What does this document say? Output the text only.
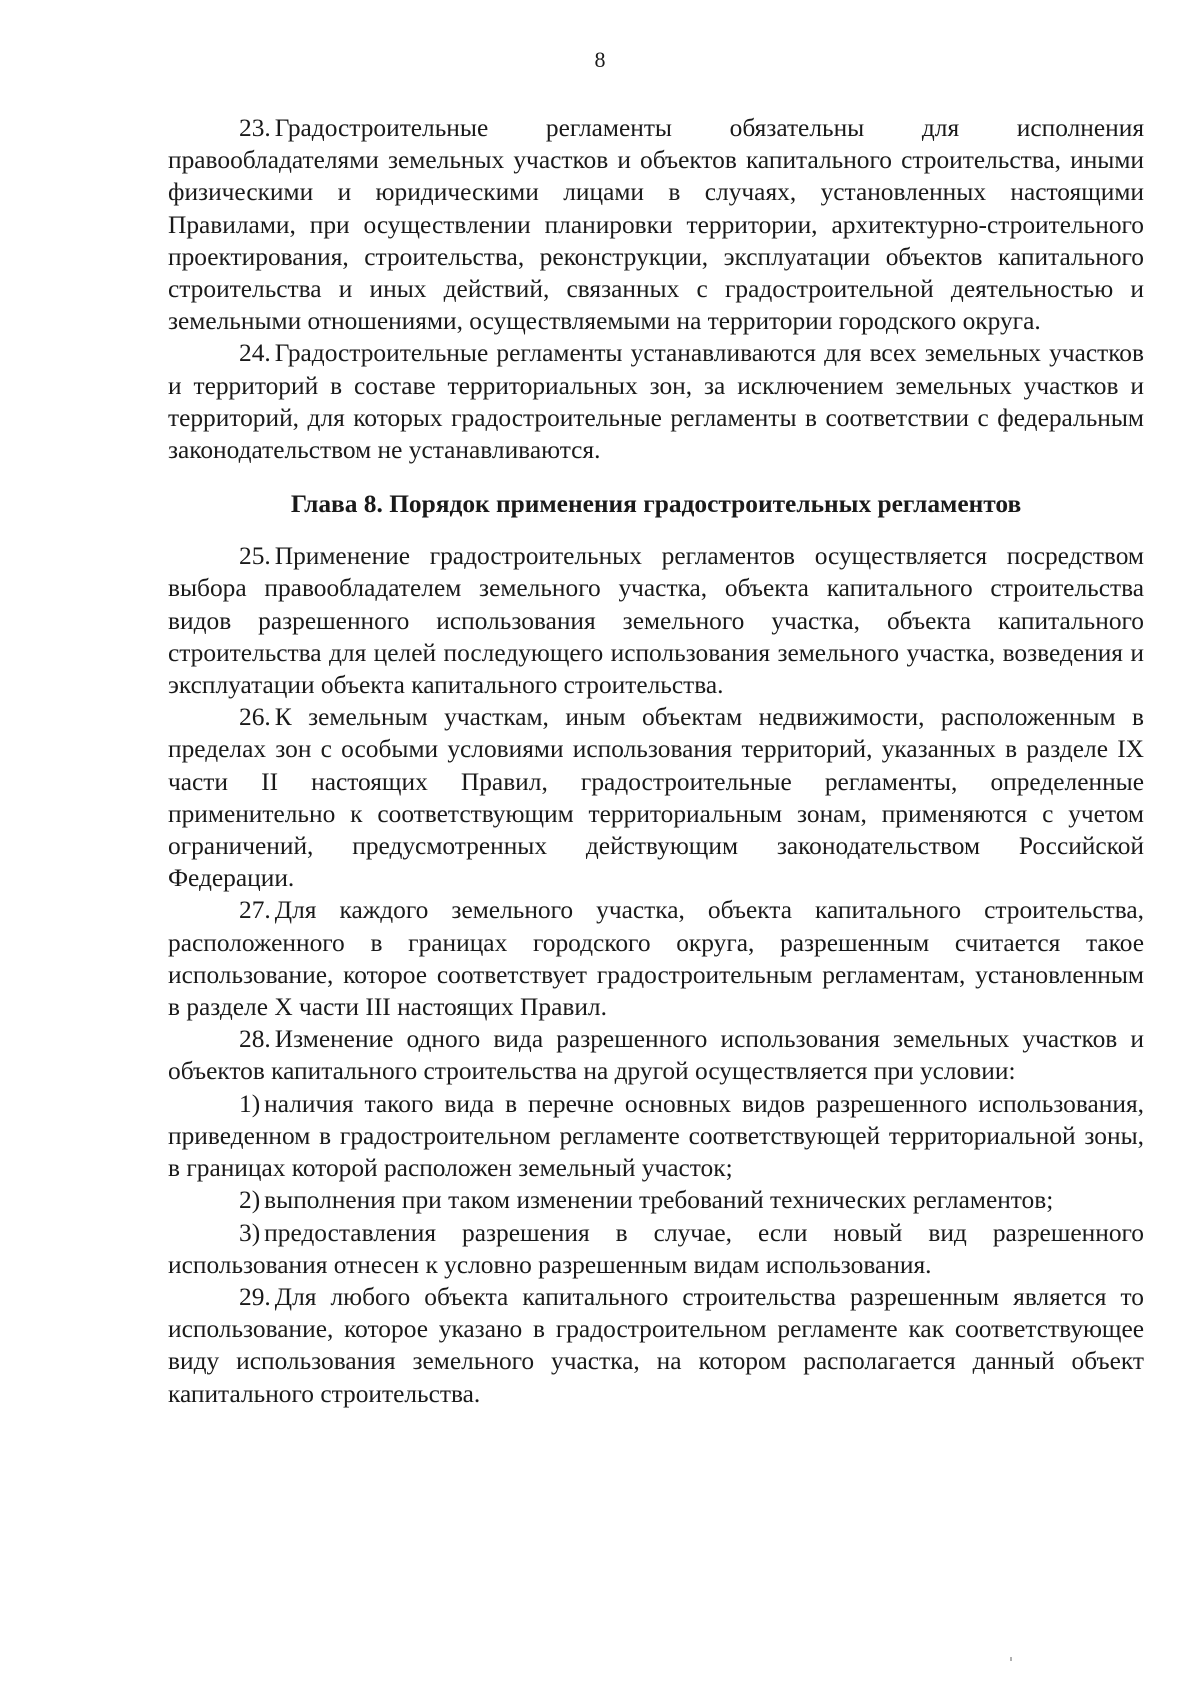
8

23. Градостроительные регламенты обязательны для исполнения правообладателями земельных участков и объектов капитального строительства, иными физическими и юридическими лицами в случаях, установленных настоящими Правилами, при осуществлении планировки территории, архитектурно-строительного проектирования, строительства, реконструкции, эксплуатации объектов капитального строительства и иных действий, связанных с градостроительной деятельностью и земельными отношениями, осуществляемыми на территории городского округа.

24. Градостроительные регламенты устанавливаются для всех земельных участков и территорий в составе территориальных зон, за исключением земельных участков и территорий, для которых градостроительные регламенты в соответствии с федеральным законодательством не устанавливаются.

Глава 8. Порядок применения градостроительных регламентов

25. Применение градостроительных регламентов осуществляется посредством выбора правообладателем земельного участка, объекта капитального строительства видов разрешенного использования земельного участка, объекта капитального строительства для целей последующего использования земельного участка, возведения и эксплуатации объекта капитального строительства.

26. К земельным участкам, иным объектам недвижимости, расположенным в пределах зон с особыми условиями использования территорий, указанных в разделе IX части II настоящих Правил, градостроительные регламенты, определенные применительно к соответствующим территориальным зонам, применяются с учетом ограничений, предусмотренных действующим законодательством Российской Федерации.

27. Для каждого земельного участка, объекта капитального строительства, расположенного в границах городского округа, разрешенным считается такое использование, которое соответствует градостроительным регламентам, установленным в разделе X части III настоящих Правил.

28. Изменение одного вида разрешенного использования земельных участков и объектов капитального строительства на другой осуществляется при условии:

1) наличия такого вида в перечне основных видов разрешенного использования, приведенном в градостроительном регламенте соответствующей территориальной зоны, в границах которой расположен земельный участок;

2) выполнения при таком изменении требований технических регламентов;

3) предоставления разрешения в случае, если новый вид разрешенного использования отнесен к условно разрешенным видам использования.

29. Для любого объекта капитального строительства разрешенным является то использование, которое указано в градостроительном регламенте как соответствующее виду использования земельного участка, на котором располагается данный объект капитального строительства.
